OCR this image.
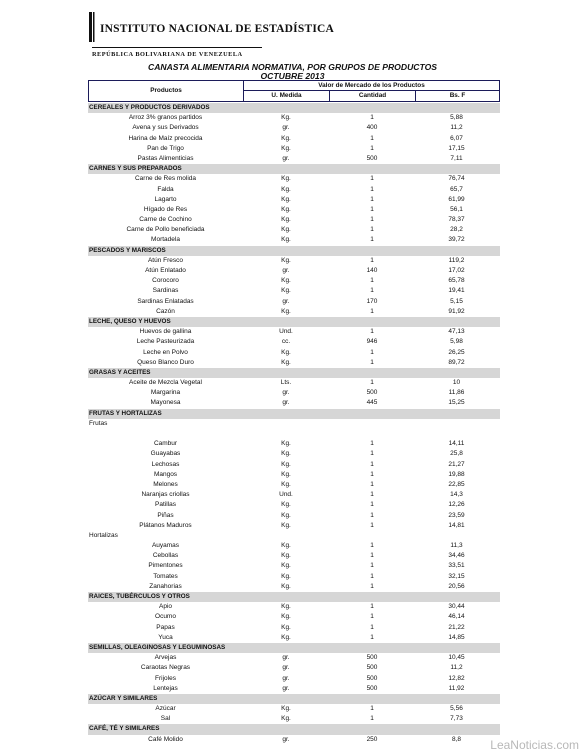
INSTITUTO NACIONAL DE ESTADÍSTICA
REPÚBLICA BOLIVARIANA DE VENEZUELA
CANASTA ALIMENTARIA NORMATIVA, POR GRUPOS DE PRODUCTOS
OCTUBRE 2013
Productos
Valor de Mercado de los Productos
U. Medida	Cantidad	Bs. F
CEREALES Y PRODUCTOS DERIVADOS
Arroz 3% granos partidos	Kg.	1	5,88
Avena y sus Derivados	gr.	400	11,2
Harina de Maíz precocida	Kg.	1	6,07
Pan de Trigo	Kg.	1	17,15
Pastas Alimenticias	gr.	500	7,11
CARNES Y SUS PREPARADOS
Carne de Res molida	Kg.	1	76,74
Falda	Kg.	1	65,7
Lagarto	Kg.	1	61,99
Hígado de Res	Kg.	1	56,1
Carne de Cochino	Kg.	1	78,37
Carne de Pollo beneficiada	Kg.	1	28,2
Mortadela	Kg.	1	39,72
PESCADOS Y MARISCOS
Atún Fresco	Kg.	1	119,2
Atún Enlatado	gr.	140	17,02
Corocoro	Kg.	1	65,78
Sardinas	Kg.	1	19,41
Sardinas Enlatadas	gr.	170	5,15
Cazón	Kg.	1	91,92
LECHE, QUESO Y HUEVOS
Huevos de gallina	Und.	1	47,13
Leche Pasteurizada	cc.	946	5,98
Leche en Polvo	Kg.	1	26,25
Queso Blanco Duro	Kg.	1	89,72
GRASAS Y ACEITES
Aceite de Mezcla Vegetal	Lts.	1	10
Margarina	gr.	500	11,86
Mayonesa	gr.	445	15,25
FRUTAS Y HORTALIZAS
Frutas
Cambur	Kg.	1	14,11
Guayabas	Kg.	1	25,8
Lechosas	Kg.	1	21,27
Mangos	Kg.	1	19,88
Melones	Kg.	1	22,85
Naranjas criollas	Und.	1	14,3
Patillas	Kg.	1	12,26
Piñas	Kg.	1	23,59
Plátanos Maduros	Kg.	1	14,81
Hortalizas
Auyamas	Kg.	1	11,3
Cebollas	Kg.	1	34,46
Pimentones	Kg.	1	33,51
Tomates	Kg.	1	32,15
Zanahorias	Kg.	1	20,56
RAICES, TUBÉRCULOS Y OTROS
Apio	Kg.	1	30,44
Ocumo	Kg.	1	46,14
Papas	Kg.	1	21,22
Yuca	Kg.	1	14,85
SEMILLAS, OLEAGINOSAS Y LEGUMINOSAS
Arvejas	gr.	500	10,45
Caraotas Negras	gr.	500	11,2
Frijoles	gr.	500	12,82
Lentejas	gr.	500	11,92
AZÚCAR Y SIMILARES
Azúcar	Kg.	1	5,56
Sal	Kg.	1	7,73
CAFÉ, TÉ Y SIMILARES
Café Molido	gr.	250	8,8	LeaNoticias.com
